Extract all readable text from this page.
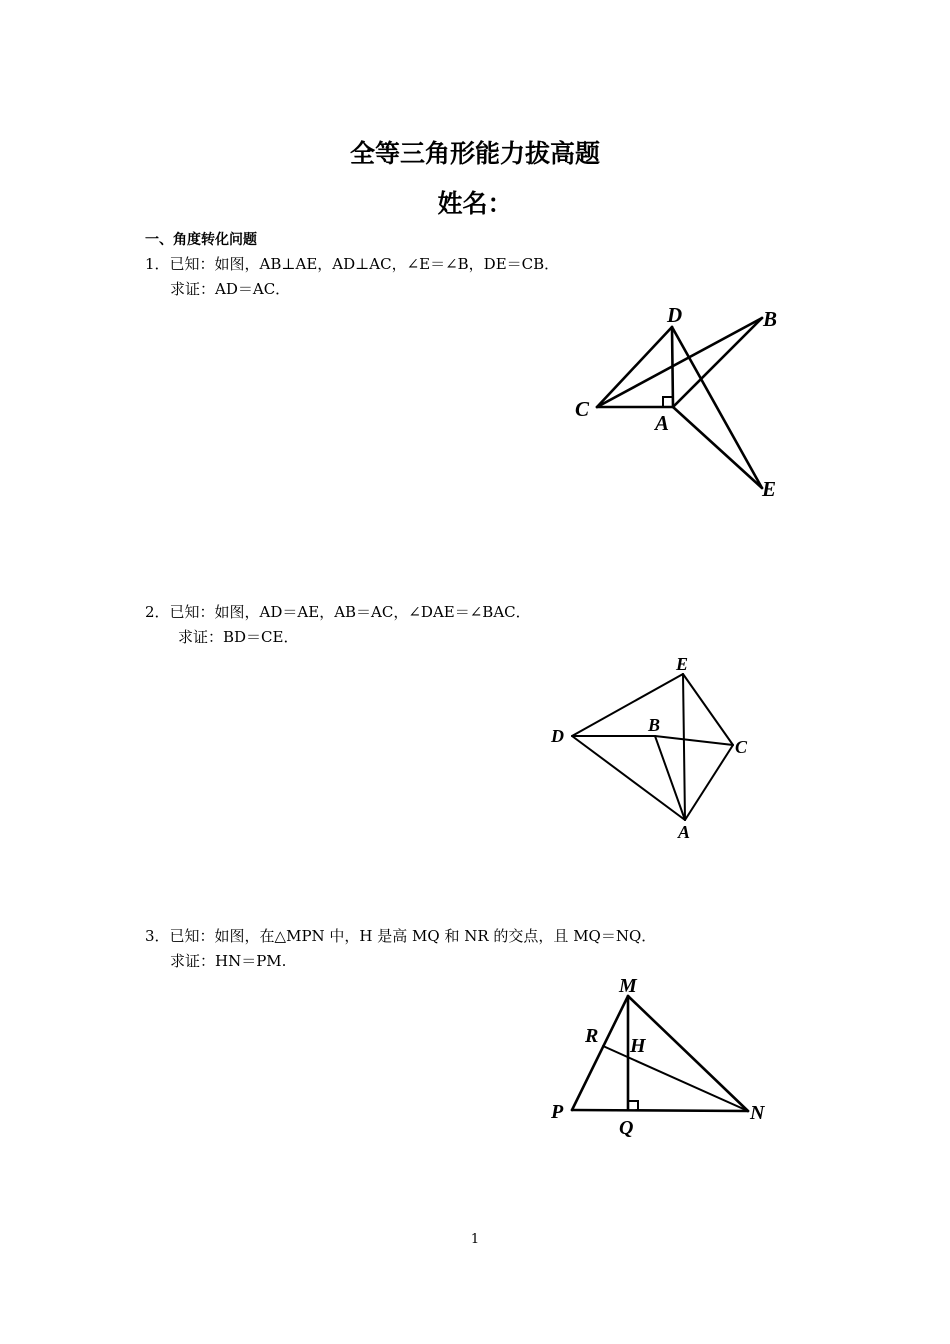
全等三角形能力拔高题
姓名：
一、角度转化问题
1．已知：如图，AB⊥AE，AD⊥AC，∠E＝∠B，DE＝CB．
求证：AD＝AC．
D	B
C
A
E
2．已知：如图，AD＝AE，AB＝AC，∠DAE＝∠BAC．
求证：BD＝CE．
E
B
D
C
A
3．已知：如图，在△MPN 中，H 是高 MQ 和 NR 的交点，且 MQ＝NQ．
求证：HN＝PM.
M
R H
P	N
Q
1
